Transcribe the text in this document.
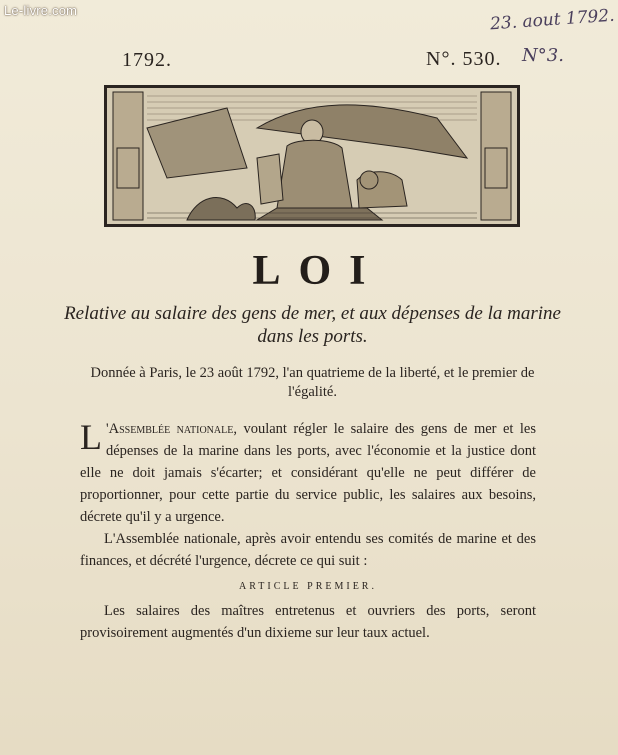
Le-livre.com	23. aout 1792.
1792.	N°. 530. N°3.
LOI
Relative au salaire des gens de mer, et aux dépenses de la marine dans les ports.
Donnée à Paris, le 23 août 1792, l'an quatrieme de la liberté, et le premier de l'égalité.

L 'Assemblée nationale, voulant régler le salaire des gens de mer et les dépenses de la marine dans les ports, avec l'économie et la justice dont elle ne doit jamais s'écarter; et considérant qu'elle ne peut différer de proportionner, pour cette partie du service public, les salaires aux besoins, décrete qu'il y a urgence.

L'Assemblée nationale, après avoir entendu ses comités de marine et des finances, et décrété l'urgence, décrete ce qui suit :

ARTICLE PREMIER.

Les salaires des maîtres entretenus et ouvriers des ports, seront provisoirement augmentés d'un dixieme sur leur taux actuel.
